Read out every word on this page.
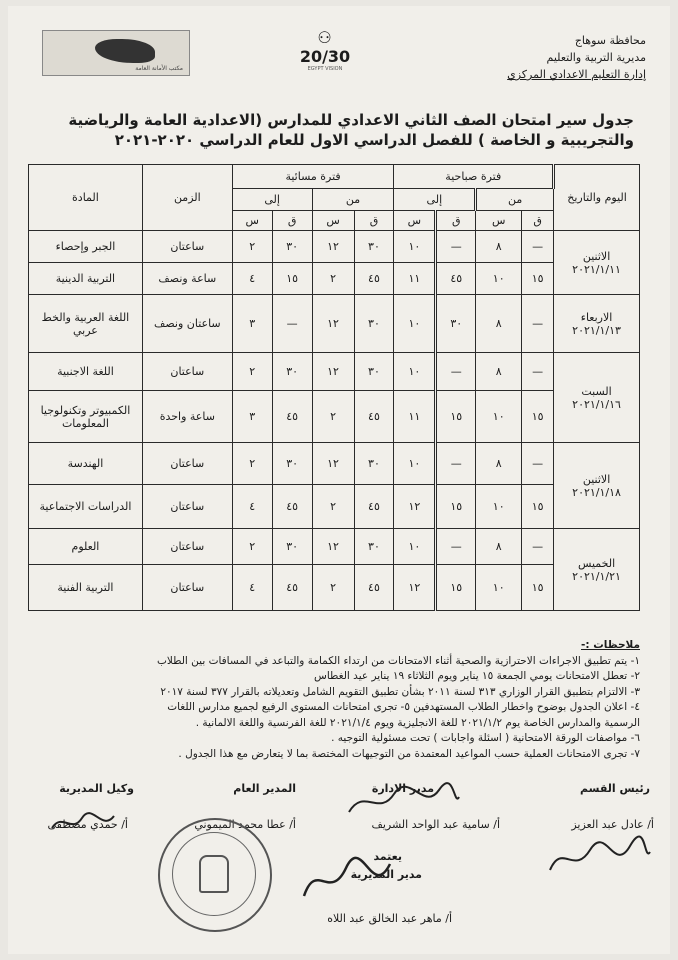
محافظة سوهاج
مديرية التربية والتعليم
إدارة التعليم الاعدادي المركزي
⚇
20/30
EGYPT VISION
مكتب الأمانة العامة
جدول سير امتحان الصف الثاني الاعدادي للمدارس (الاعدادية العامة والرياضية
والتجريبية و الخاصة ) للفصل الدراسي الاول للعام الدراسي ٢٠٢٠-٢٠٢١
اليوم والتاريخ	فترة صباحية				فترة مسائية				الزمن	المادة
	من		إلى		من		إلى			
	ق	س	ق	س	ق	س	ق	س		

الاثنين
٢٠٢١/١/١١	—	٨	—	١٠	٣٠	١٢	٣٠	٢	ساعتان	الجبر وإحصاء
	١٥	١٠	٤٥	١١	٤٥	٢	١٥	٤	ساعة ونصف	التربية الدينية

الاربعاء
٢٠٢١/١/١٣	—	٨	٣٠	١٠	٣٠	١٢	—	٣	ساعتان ونصف	اللغة العربية والخط عربي

السبت
٢٠٢١/١/١٦	—	٨	—	١٠	٣٠	١٢	٣٠	٢	ساعتان	اللغة الاجنبية
	١٥	١٠	١٥	١١	٤٥	٢	٤٥	٣	ساعة واحدة	الكمبيوتر وتكنولوجيا المعلومات

الاثنين
٢٠٢١/١/١٨	—	٨	—	١٠	٣٠	١٢	٣٠	٢	ساعتان	الهندسة
	١٥	١٠	١٥	١٢	٤٥	٢	٤٥	٤	ساعتان	الدراسات الاجتماعية

الخميس
٢٠٢١/١/٢١	—	٨	—	١٠	٣٠	١٢	٣٠	٢	ساعتان	العلوم
	١٥	١٠	١٥	١٢	٤٥	٢	٤٥	٤	ساعتان	التربية الفنية
ملاحظات :-
١- يتم تطبيق الاجراءات الاحترازية والصحية أثناء الامتحانات من ارتداء الكمامة والتباعد في المسافات بين الطلاب
٢- تعطل الامتحانات يومي الجمعة ١٥ يناير ويوم الثلاثاء ١٩ يناير عيد الغطاس
٣- الالتزام بتطبيق القرار الوزاري ٣١٣ لسنة ٢٠١١ بشأن تطبيق التقويم الشامل وتعديلاته بالقرار ٣٧٧ لسنة ٢٠١٧
٤- اعلان الجدول بوضوح واخطار الطلاب المستهدفين ٥- تجرى امتحانات المستوى الرفيع لجميع مدارس اللغات
الرسمية والمدارس الخاصة يوم ٢٠٢١/١/٢ للغة الانجليزية ويوم ٢٠٢١/١/٤ للغة الفرنسية واللغة الالمانية .
٦- مواصفات الورقة الامتحانية ( اسئلة واجابات ) تحت مسئولية التوجيه .
٧- تجرى الامتحانات العملية حسب المواعيد المعتمدة من التوجيهات المختصة بما لا يتعارض مع هذا الجدول .
رئيس القسم
مدير الادارة
المدير العام
وكيل المديرية
أ/ عادل عبد العزيز
أ/ سامية عبد الواحد الشريف
أ/ عطا محمد الميموني
أ/ حمدي مصطفى
يعتمد
مدير المديرية
أ/ ماهر عبد الخالق عبد اللاه
